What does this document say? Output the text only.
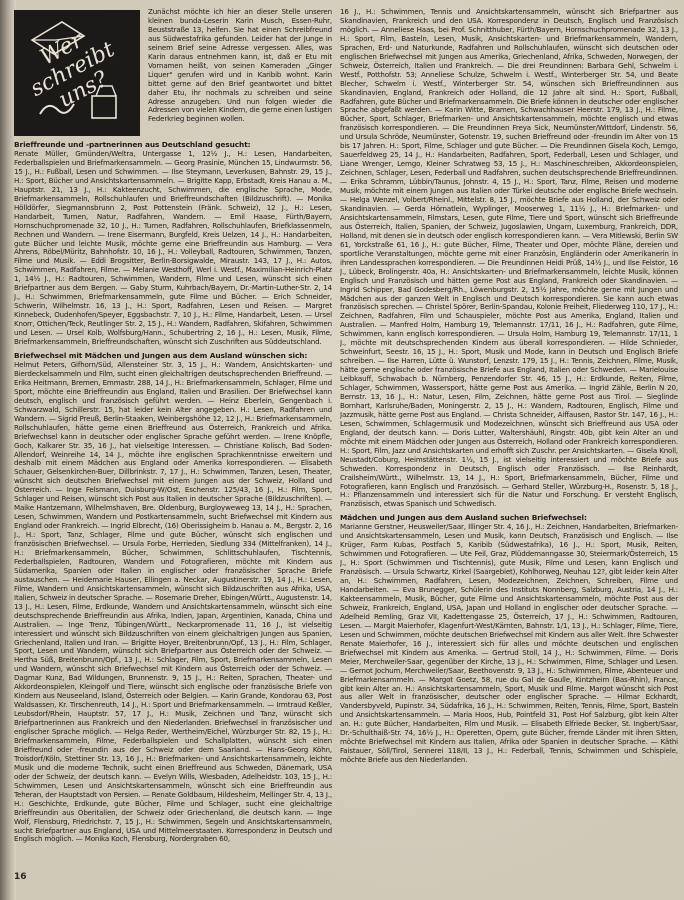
Wer
schreibt
uns?

Zunächst möchte ich hier an dieser Stelle unseren kleinen bunda-Leserin Karin Musch, Essen-Ruhr, Beuststraße 13, helfen. Sie hat einen Schreibfreund aus Südwestafrika gefunden. Leider hat der Junge in seinem Brief seine Adresse vergessen. Alles, was Karin daraus entnehmen kann, ist, daß er Etu mit Vornamen heißt, von seinen Kameraden „Ginger Liquer" gerufen wird und in Karibib wohnt. Karin bittet gerne auf den Brief geantwortet und bittet daher Etu, ihr nochmals zu schreiben und seine Adresse anzugeben. Und nun folgen wieder die Adressen von vielen Kindern, die gerne einen lustigen Federkrieg beginnen wollen.

Brieffreunde und -partnerinnen aus Deutschland gesucht:

Renate Müller, Gmünden/Weltra, Untergasse 1, 12½ J., H.: Lesen, Handarbeiten, Federballspielen und Briefmarkensammeln. — Georg Prasinie, München 15, Lindwurmstr. 56, 15 J., H.: Fußball, Lesen und Schwimmen. — Ilse Steymann, Leverkusen, Bahnstr. 29, 15 J., H.: Sport, Bücher und Ansichtskartensammeln. — Brigitte Kapp, Erbstadt, Kreis Hanau a. M., Hauptstr. 21, 13 J., H.: Kakteenzucht, Schwimmen, die englische Sprache, Mode, Briefmarkensammeln, Rollschuhlaufen und Brieffreundschaften (Bildzuschrift). — Monika Hölldörfer, Siegmannsbrunn 2, Post Pottenstein (Fränk. Schweiz), 12 J., H.: Lesen, Handarbeit, Turnen, Natur, Radfahren, Wandern. — Emil Haase, Fürth/Bayern, Hornschuchpromenade 32, 10 J., H.: Turnen, Radfahren, Rollschuhlaufen, Briefklassenmeln, Rechnen und Wandern. — Irene Eisermann, Burgfeld, Kreis Uelzen, 14 J., H.: Handarbeiten, gute Bücher und leichte Musik, möchte gerne eine Brieffreundin aus Hamburg. — Vera Ahrens, Röbel/Müritz, Bahnhofstr. 10, 16 J., H.: Volleyball, Radtouren, Schwimmen, Tanzen, Filme und Musik. — Eddi Brogsitter, Berlin-Borsigwalde, Miraustr. 143, 17 J., H.: Autos, Schwimmen, Radfahren, Filme. — Melanie Westhoff, Werl i. Westf., Maximilian-Heinrich-Platz 1, 14½ J., H.: Radtouren, Schwimmen, Wandern, Filme und Lesen, wünscht sich einen Briefpartner aus dem Bergen. — Gaby Sturm, Kuhrbach/Bayern, Dr.-Martin-Luther-Str. 2, 14 J., H.: Schwimmen, Briefmarkensammeln, gute Filme und Bücher. — Erich Schneider, Schwerin, Wilhelmstr. 16, 13 J., H.: Sport, Radfahren, Lesen und Reisen. — Margret Kinnebeck, Oudenhofen/Speyer, Eggsbachstr. 7, 10 J., H.: Filme, Handarbeit, Lesen. — Ursel Knorr, Ottichen/Teck, Reutlinger Str. 2, 15 J., H.: Wandern, Radfahren, Skifahren, Schwimmen und Lesen. — Ursel Kolb, Wolfsburg/Hann., Schubertring 2, 16 J., H.: Lesen, Musik, Filme, Briefmarkensammeln, Brieffreundschaften, wünscht sich Zuschriften aus Süddeutschland.

Briefwechsel mit Mädchen und Jungen aus dem Ausland wünschen sich:

Helmut Peters, Gifhorn/Süd, Allensteiner Str. 3, 15 J., H.: Wandern, Ansichtskarten- und Bierdeckelsammeln und Film, sucht einen gleichaltrigen deutschsprechenden Brieffreund. — Erika Heitmann, Bremen, Emmastr. 288, 14 J., H.: Briefmarkensammeln, Schlager, Filme und Sport, möchte eine Brieffreundin aus England, Italien und Brasilien. Der Briefwechsel kann deutsch, englisch und französisch geführt werden. — Heinz Eberlein, Gengenbach i. Schwarzwald, Schillerstr. 15, hat leider kein Alter angegeben. H.: Lesen, Radfahren und Wandern. — Sigrid Preuß, Berlin-Staaken, Weinbergshöhe 12, 12 J., H.: Briefmarkensammeln, Rollschuhlaufen, hätte gerne einen Brieffreund aus Österreich, Frankreich und Afrika. Briefwechsel kann in deutscher oder englischer Sprache geführt werden. — Irene Knöpfle, Goch, Kalkarer Str. 35, 16 J., hat vielseitige Interessen. — Christiane Kolisch, Bad Soden-Allendorf, Weinreihe 14, 14 J., möchte ihre englischen Sprachkenntnisse erweitern und deshalb mit einem Mädchen aus England oder Amerika korrespondieren. — Elisabeth Schauer, Gelsenkirchen-Buer, Dillbrinkstr. 7, 17 J., H.: Schwimmen, Tanzen, Lesen, Theater, wünscht sich deutschen Briefwechsel mit einem Jungen aus der Schweiz, Holland und Österreich. — Inge Felsmann, Duisburg-W/Ost, Eschenstr. 125/43, 16 J., H.: Film, Sport, Schlager und Reisen, wünscht sich Post aus Italien in deutscher Sprache (Bildzuschriften). — Maike Hantzemann, Wilhelmshaven, Bre. Oldenburg, Burgloyweweg 13, 14 J., H.: Sprachen, Lesen, Schwimmen, Wandern und Postkartensammeln, sucht Briefwechsel mit Kindern aus England oder Frankreich. — Ingrid Elbrecht, (16) Oberissigheim b. Hanau a. M., Bergstr. 2, 16 J., H.: Sport, Tanz, Schlager, Filme und gute Bücher, wünscht sich englischen und französischen Briefwechsel. — Ursula Forbe, Herrieden, Siedlung 334 (Mittelfranken), 14 J., H.: Briefmarkensammeln, Bücher, Schwimmen, Schlittschuhlaufen, Tischtennis, Federballspielen, Radtouren, Wandern und Fotografieren, möchte mit Kindern aus Südamerika, Spanien oder Italien in englischer oder französischer Sprache Briefe austauschen. — Heidemarie Hauser, Ellingen a. Neckar, Augustinerstr. 19, 14 J., H.: Lesen, Filme, Wandern und Ansichtskartensammeln, wünscht sich Bildzuschriften aus Afrika, USA, Italien, Schweiz in deutscher Sprache. — Rosemarie Dreher, Ebingen/Württ., Augustenstr. 14, 13 J., H.: Lesen, Filme, Erdkunde, Wandern und Ansichtskartensammeln, wünscht sich eine deutschsprechende Brieffreundin aus Afrika, Indien, Japan, Argentinien, Kanada, China und Australien. — Inge Trenz, Tübingen/Württ., Neckarpromenade 11, 16 J., ist vielseitig interessiert und wünscht sich Bildzuschriften von einem gleichaltrigen Jungen aus Spanien, Griechenland, Italien und Iran. — Brigitte Hoyer, Breitenbrunn/Opf., 13 J., H.: Film, Schlager, Sport, Lesen und Wandern, wünscht sich Briefpartner aus Österreich oder der Schweiz. — Hertha Süß, Breitenbrunn/Opf., 13 J., H.: Schlager, Film, Sport, Briefmarkensammeln, Lesen und Wandern, wünscht sich Briefwechsel mit Kindern aus Österreich oder der Schweiz. — Dagmar Kunz, Bad Wildungen, Brunnenstr. 9, 15 J., H.: Reiten, Sprachen, Theater- und Akkordeonspielen, Kleingolf und Tiere, wünscht sich englische oder französische Briefe von Kindern aus Neuseeland, Island, Österreich oder Belgien. — Karin Grande, Kondorau 63, Post Waldsassen, Kr. Tirschenreuth, 14 J., H.: Sport und Briefmarkensammeln. — Irmtraud Keßler, Leubsdorf/Rhein, Hauptstr. 57, 17 J., H.: Musik, Zeichnen und Tanz, wünscht sich Briefpartnerinnen aus Frankreich und den Niederlanden. Briefwechsel in französischer und englischer Sprache möglich. — Helga Reder, Wertheim/Eichel, Würzburger Str. 82, 15 J., H.: Briefmarkensammeln, Filme, Federballspielen und Schallplatten, wünscht sich einen Brieffreund oder -freundin aus der Schweiz oder dem Saarland. — Hans-Georg Köhn, Troisdorf/Köln, Stettiner Str. 13, 16 J., H.: Briefmarken- und Ansichtskartensammeln, leichte Musik und die moderne Technik, sucht einen Brieffreund aus Schweden, Dänemark, USA oder der Schweiz, der deutsch kann. — Evelyn Wills, Wiesbaden, Adelheidstr. 103, 15 J., H.: Schwimmen, Lesen und Ansichtskartensammeln, wünscht sich eine Brieffreundin aus Teheran, der Hauptstadt von Persien. — Renate Goldbaum, Hildesheim, Mellinger Str. 4, 13 J., H.: Geschichte, Erdkunde, gute Bücher, Filme und Schlager, sucht eine gleichaltrige Brieffreundin aus Oberitalien, der Schweiz oder Griechenland, die deutsch kann. — Inge Wolf, Flensburg, Friedrichstr. 7, 15 J., H.: Schwimmen, Segeln und Ansichtskartensammeln, sucht Briefpartner aus England, USA und Mittelmeerstaaten. Korrespondenz in Deutsch und Englisch möglich. — Monika Koch, Flensburg, Nordergraben 60,

16 J., H.: Schwimmen, Tennis und Ansichtskartensammeln, wünscht sich Briefpartner aus Skandinavien, Frankreich und den USA. Korrespondenz in Deutsch, Englisch und Französisch möglich. — Anneliese Haas, bei Prof. Schnitthuber, Fürth/Bayern, Hornschuchpromenade 32, 13 J., H.: Sport, Film, Basteln, Lesen, Musik, Ansichtskarten- und Briefmarkensammeln, Wandern, Sprachen, Erd- und Naturkunde, Radfahren und Rollschuhlaufen, wünscht sich deutschen oder englischen Briefwechsel mit Jungen aus Amerika, Griechenland, Afrika, Schweden, Norwegen, der Schweiz, Österreich, Italien und Frankreich. — Die drei Freundinnen: Barbara Gehl, Schwelm i. Westf., Potthofstr. 53; Anneliese Schulze, Schwelm i. Westf., Winterberger Str. 54, und Beate Blecher, Schwelm i. Westf., Winterberger Str. 54, wünschen sich Brieffreundinnen aus Skandinavien, England, Frankreich oder Holland, die 12 Jahre alt sind. H.: Sport, Fußball, Radfahren, gute Bücher und Briefmarkensammeln. Die Briefe können in deutscher oder englischer Sprache abgefaßt werden. — Karin Witte, Bramen, Schwachhauser Heerstr. 179, 13 J., H.: Filme, Bücher, Sport, Schlager, Briefmarken- und Ansichtskartensammeln, möchte englisch und etwas französisch korrespondieren. — Die Freundinnen Freya Sick, Neumünster/Wittdorf, Lindenstr. 56, und Ursula Schröde, Neumünster, Gotenstr. 19, suchen Brieffreund oder -freundin im Alter von 15 bis 17 Jahren. H.: Sport, Filme, Schlager und gute Bücher. — Die Freundinnen Gisela Koch, Lemgo, Sauerfeldweg 25, 14 J., H.: Handarbeiten, Radfahren, Sport, Federball, Lesen und Schlager, und Liane Wrenger, Lemgo, Kleiner Schratweg 53, 15 J., H.: Maschineschreiben, Akkordeonspielen, Zeichnen, Schlager, Lesen, Federball und Radfahren, suchen deutschsprechende Brieffreundinnen. — Erika Schramm, Lübbin/Taunus, Johnstr. 4, 15 J., H.: Sport, Tanz, Filme, Reisen und moderne Musik, möchte mit einem Jungen aus Italien oder Türkei deutsche oder englische Briefe wechseln. — Helga Wenzel, Volbert/Rheinl., Mittelstr. 8, 15 J., möchte Briefe aus Holland, der Schweiz oder Skandinavien. — Gerda Hörnatlein, Wyplinger, Mooserweg 1, 11½ J., H.: Briefmarken- und Ansichtskartensammeln, Filmstars, Lesen, gute Filme, Tiere und Sport, wünscht sich Brieffreunde aus Österreich, Italien, Spanien, der Schweiz, Jugoslawien, Ungarn, Luxemburg, Frankreich, DDR, Holland, mit denen sie in deutsch oder englisch korrespondieren kann. — Vera Mitlewski, Berlin SW 61, Yorckstraße 61, 16 J., H.: gute Bücher, Filme, Theater und Oper, möchte Pläne, dereien und sportliche Veranstaltungen, möchte gerne mit einer Französin, Engländerin oder Amerikanerin in ihren Landessprachen korrespondieren. — Die Freundinnen Heidi Prüß, 14½ J., und Ilse Feistor, 16 J., Lübeck, Brolingerstr. 40a, H.: Ansichtskarten- und Briefmarkensammeln, leichte Musik, können Englisch und Französisch und hätten gerne Post aus England, Frankreich oder Skandinavien. — Ingrid Schipper, Bad Godesberg/Rh., Löwenburgstr. 2, 15½ Jahre, möchte gerne mit Jungen und Mädchen aus der ganzen Welt in Englisch und Deutsch korrespondieren. Sie kann auch etwas französisch sprechen. — Christel Spörer, Berlin-Spandau, Kolonie Freiheit, Fliederweg 110, 17 J., H.: Zeichnen, Radfahren, Film und Schauspieler, möchte Post aus Amerika, England, Italien und Australien. — Manfred Holm, Hamburg 19, Telemannstr. 17/11, 16 J., H.: Radfahren, gute Filme, Schwimmen, kann englisch korrespondieren. — Ursula Holm, Hamburg 19, Telemannstr. 17/11, 1 J., möchte mit deutschsprechenden Kindern aus überall korrespondieren. — Hilde Schnieder, Schweinfurt, Seestr. 16, 15 J., H.: Sport, Musik und Mode, kann in Deutsch und Englisch Briefe schreiben. — Ilse Harren, Lütte ü. Wunstorf, Lenzstr. 179, 15 J., H.: Tennis, Zeichnen, Filme, Musik, hätte gerne englische oder französische Briefe aus England, Italien oder Schweden. — Marielouise Leibkauff, Schwabach b. Nürnberg, Penzendorfer Str. 46, 15 J., H.: Erdkunde, Reiten, Filme, Schlager, Schwimmen, Wassersport, hätte gerne Post aus Amerika. — Ingrid Zähle, Berlin N 20, Bernstr. 13, 16 J., H.: Natur, Lesen, Film, Zeichnen, hätte gerne Post aus Tirol. — Sieglinde Bornhart, Karlsruhe/Baden, Moningerstr. 2, 15 J., H.: Wandern, Radtouren, Englisch, Filme und Jazzmusik, hätte gerne Post aus England. — Christa Schneider, Aiffausen, Rastor Str. 147, 16 J., H.: Lesen, Schwimmen, Schlagermusik und Modezeichnen, wünscht sich Brieffreund aus USA oder England, der deutsch kann. — Doris Lutter, Waltershäuhl, Ringstr. 40b, gibt kein Alter an und möchte mit einem Mädchen oder Jungen aus Österreich, Holland oder Frankreich korrespondieren. H.: Sport, Film, Jazz und Ansichtskarten und erhofft sich Zuschr. per Ansichtskarten. — Gisela Knoll, Neustadt/Coburg, Heimstättenstr. 1½, 15 J., ist vielseitig interessiert und möchte Briefe aus Schweden. Korrespondenz in Deutsch, Englisch oder Französisch. — Ilse Reinhardt, Crailsheim/Württ., Wilhelmstr. 13, 14 J., H.: Sport, Briefmarkensammeln, Bücher, Filme und Fotografieren, kann Englisch und Französisch. — Gerhard Steller, Würzburg-H., Rosenstr. 5, 18 J., H.: Pflanzensammeln und interessiert sich für die Natur und Forschung. Er versteht Englisch, Französisch, etwas Spanisch und Schwedisch.

Mädchen und Jungen aus dem Ausland suchen Briefwechsel:

Marianne Gerstner, Heusweiler/Saar, Illinger Str. 4, 16 J., H.: Zeichnen, Handarbeiten, Briefmarken- und Ansichtskartensammeln, Lesen und Musik, kann Deutsch, Französisch und Englisch. — Ilse Krüger, Farm Kubas, Postfach 5, Karibib (Südwestafrika), 16 J., H.: Sport, Musik, Reiten, Schwimmen und Fotografieren. — Ute Feil, Graz, Plüddemanngasse 30, Steiermark/Österreich, 15 J., H.: Sport (Schwimmen und Tischtennis), gute Musik, Filme und Lesen, kann Englisch und Französisch. — Ursula Schwartz, Kirkel (Saargebiet), Kohlhorweg, Neuhau 12?, gibt leider kein Alter an, H.: Schwimmen, Radfahren, Lesen, Modezeichnen, Zeichnen, Schreiben, Filme und Handarbeiten. — Eva Brunegger, Schülerin des Instituts Nonnberg, Salzburg, Austria, 14 J., H.: Kakteensammeln, Musik, Bücher, gute Filme und Ansichtskartensammeln, möchte Post aus der Schweiz, Frankreich, England, USA, Japan und Holland in englischer oder deutscher Sprache. — Adelheid Remling, Graz VII, Kadettengasse 25, Österreich, 17 J., H.: Schwimmen, Radtouren, Lesen. — Margit Maierhofer, Klagenfurt-West/Kärnten, Bahnstr. 1/1, 13 J., H.: Schlager, Filme, Tiere, Lesen und Schwimmen, möchte deutschen Briefwechsel mit Kindern aus aller Welt. Ihre Schwester Renate Maierhofer, 16 J., interessiert sich für alles und möchte deutschen und englischen Briefwechsel mit Kindern aus Amerika. — Gertrud Stoll, 14 J., H.: Schwimmen, Filme. — Doris Meier, Merchweiler-Saar, gegenüber der Kirche, 13 J., H.: Schwimmen, Filme, Schlager und Lesen. — Gernot Jochum, Merchweiler/Saar, Beethovenstr. 9, 13 J., H.: Schwimmen, Filme, Abenteuer und Briefmarkensammeln. — Margot Goetz, 58, rue du Gal de Gaulle, Kintzheim (Bas-Rhin), France, gibt kein Alter an. H.: Ansichtskartensammeln, Sport, Musik und Filme. Margot wünscht sich Post aus aller Welt in französischer, deutscher oder englischer Sprache. — Hilmar Eckhardt, Vandersbyveld, Pupinstr. 34, Südafrika, 16 J., H.: Schwimmen, Reiten, Tennis, Filme, Sport, Basteln und Ansichtskartensammeln. — Maria Hoos, Hub, Pointfeld 31, Post Hof Salzburg, gibt kein Alter an. H.: gute Bücher, Handarbeiten, Film und Musik. — Elisabeth Elfriede Becker, St. Ingbert/Saar, Dr.-Schulthaiß-Str. 74, 16½ J., H.: Operetten, Opern, gute Bücher, fremde Länder mit ihren Sitten, möchte Briefwechsel mit Kindern aus Italien, Afrika oder Spanien in deutscher Sprache. — Käthi Faistauer, Söll/Tirol, Sennerei 118/II, 13 J., H.: Federball, Tennis, Schwimmen und Schispiele, möchte Briefe aus den Niederlanden.

16
